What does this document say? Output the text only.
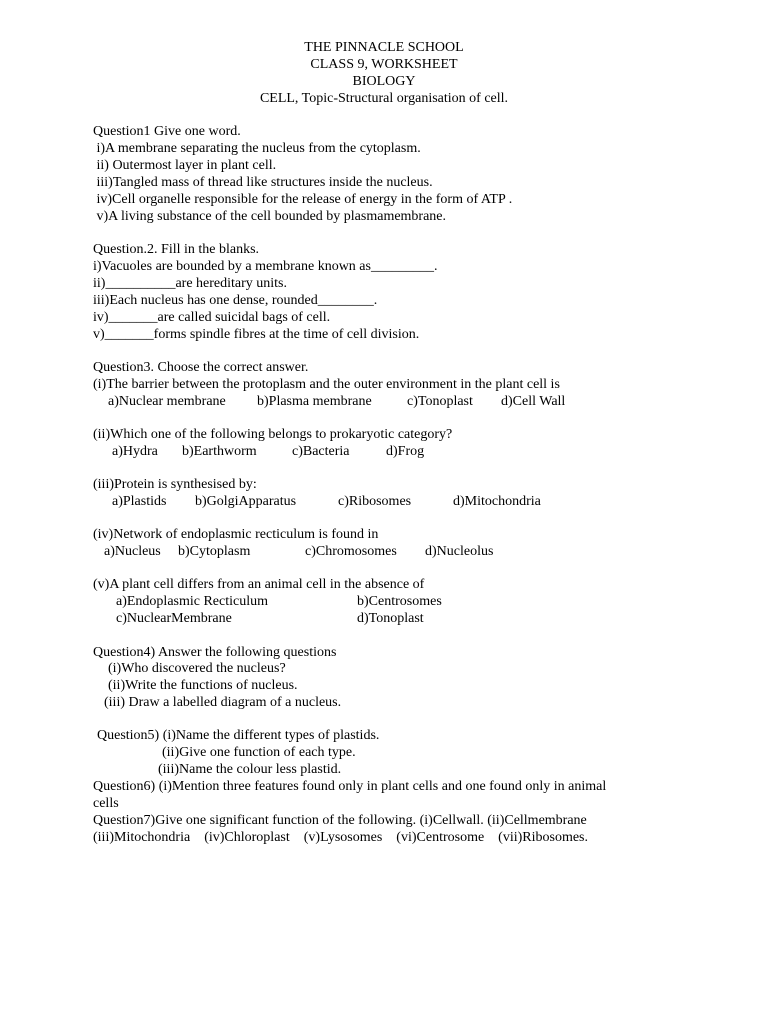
THE PINNACLE SCHOOL
CLASS 9, WORKSHEET
BIOLOGY
CELL, Topic-Structural organisation of cell.
Question1 Give one word.
i)A membrane separating the nucleus from the cytoplasm.
ii) Outermost layer in plant cell.
iii)Tangled mass of thread like structures inside the nucleus.
iv)Cell organelle responsible for the release of energy in the form of ATP .
v)A living substance of the cell bounded by plasmamembrane.
Question.2. Fill in the blanks.
i)Vacuoles are bounded by a membrane known as_________.
ii)__________are hereditary units.
iii)Each nucleus has one dense, rounded________.
iv)_______are called suicidal bags of cell.
v)_______forms spindle fibres at the time of cell division.
Question3. Choose the correct answer.
(i)The barrier between the protoplasm and the outer environment in the plant cell is
a)Nuclear membrane b)Plasma membrane	c)Tonoplast d)Cell Wall
(ii)Which one of the following belongs to prokaryotic category?
a)Hydra b)Earthworm	c)Bacteria	d)Frog
(iii)Protein is synthesised by:
a)Plastids b)GolgiApparatus	c)Ribosomes	d)Mitochondria
(iv)Network of endoplasmic recticulum is found in
a)Nucleus b)Cytoplasm	c)Chromosomes d)Nucleolus
(v)A plant cell differs from an animal cell in the absence of
a)Endoplasmic Recticulum	b)Centrosomes
c)NuclearMembrane	d)Tonoplast
Question4) Answer the following questions
(i)Who discovered the nucleus?
(ii)Write the functions of nucleus.
(iii) Draw a labelled diagram of a nucleus.
Question5) (i)Name the different types of plastids.
(ii)Give one function of each type.
(iii)Name the colour less plastid.
Question6) (i)Mention three features found only in plant cells and one found only in animal
cells
Question7)Give one significant function of the following. (i)Cellwall. (ii)Cellmembrane
(iii)Mitochondria    (iv)Chloroplast    (v)Lysosomes    (vi)Centrosome    (vii)Ribosomes.
